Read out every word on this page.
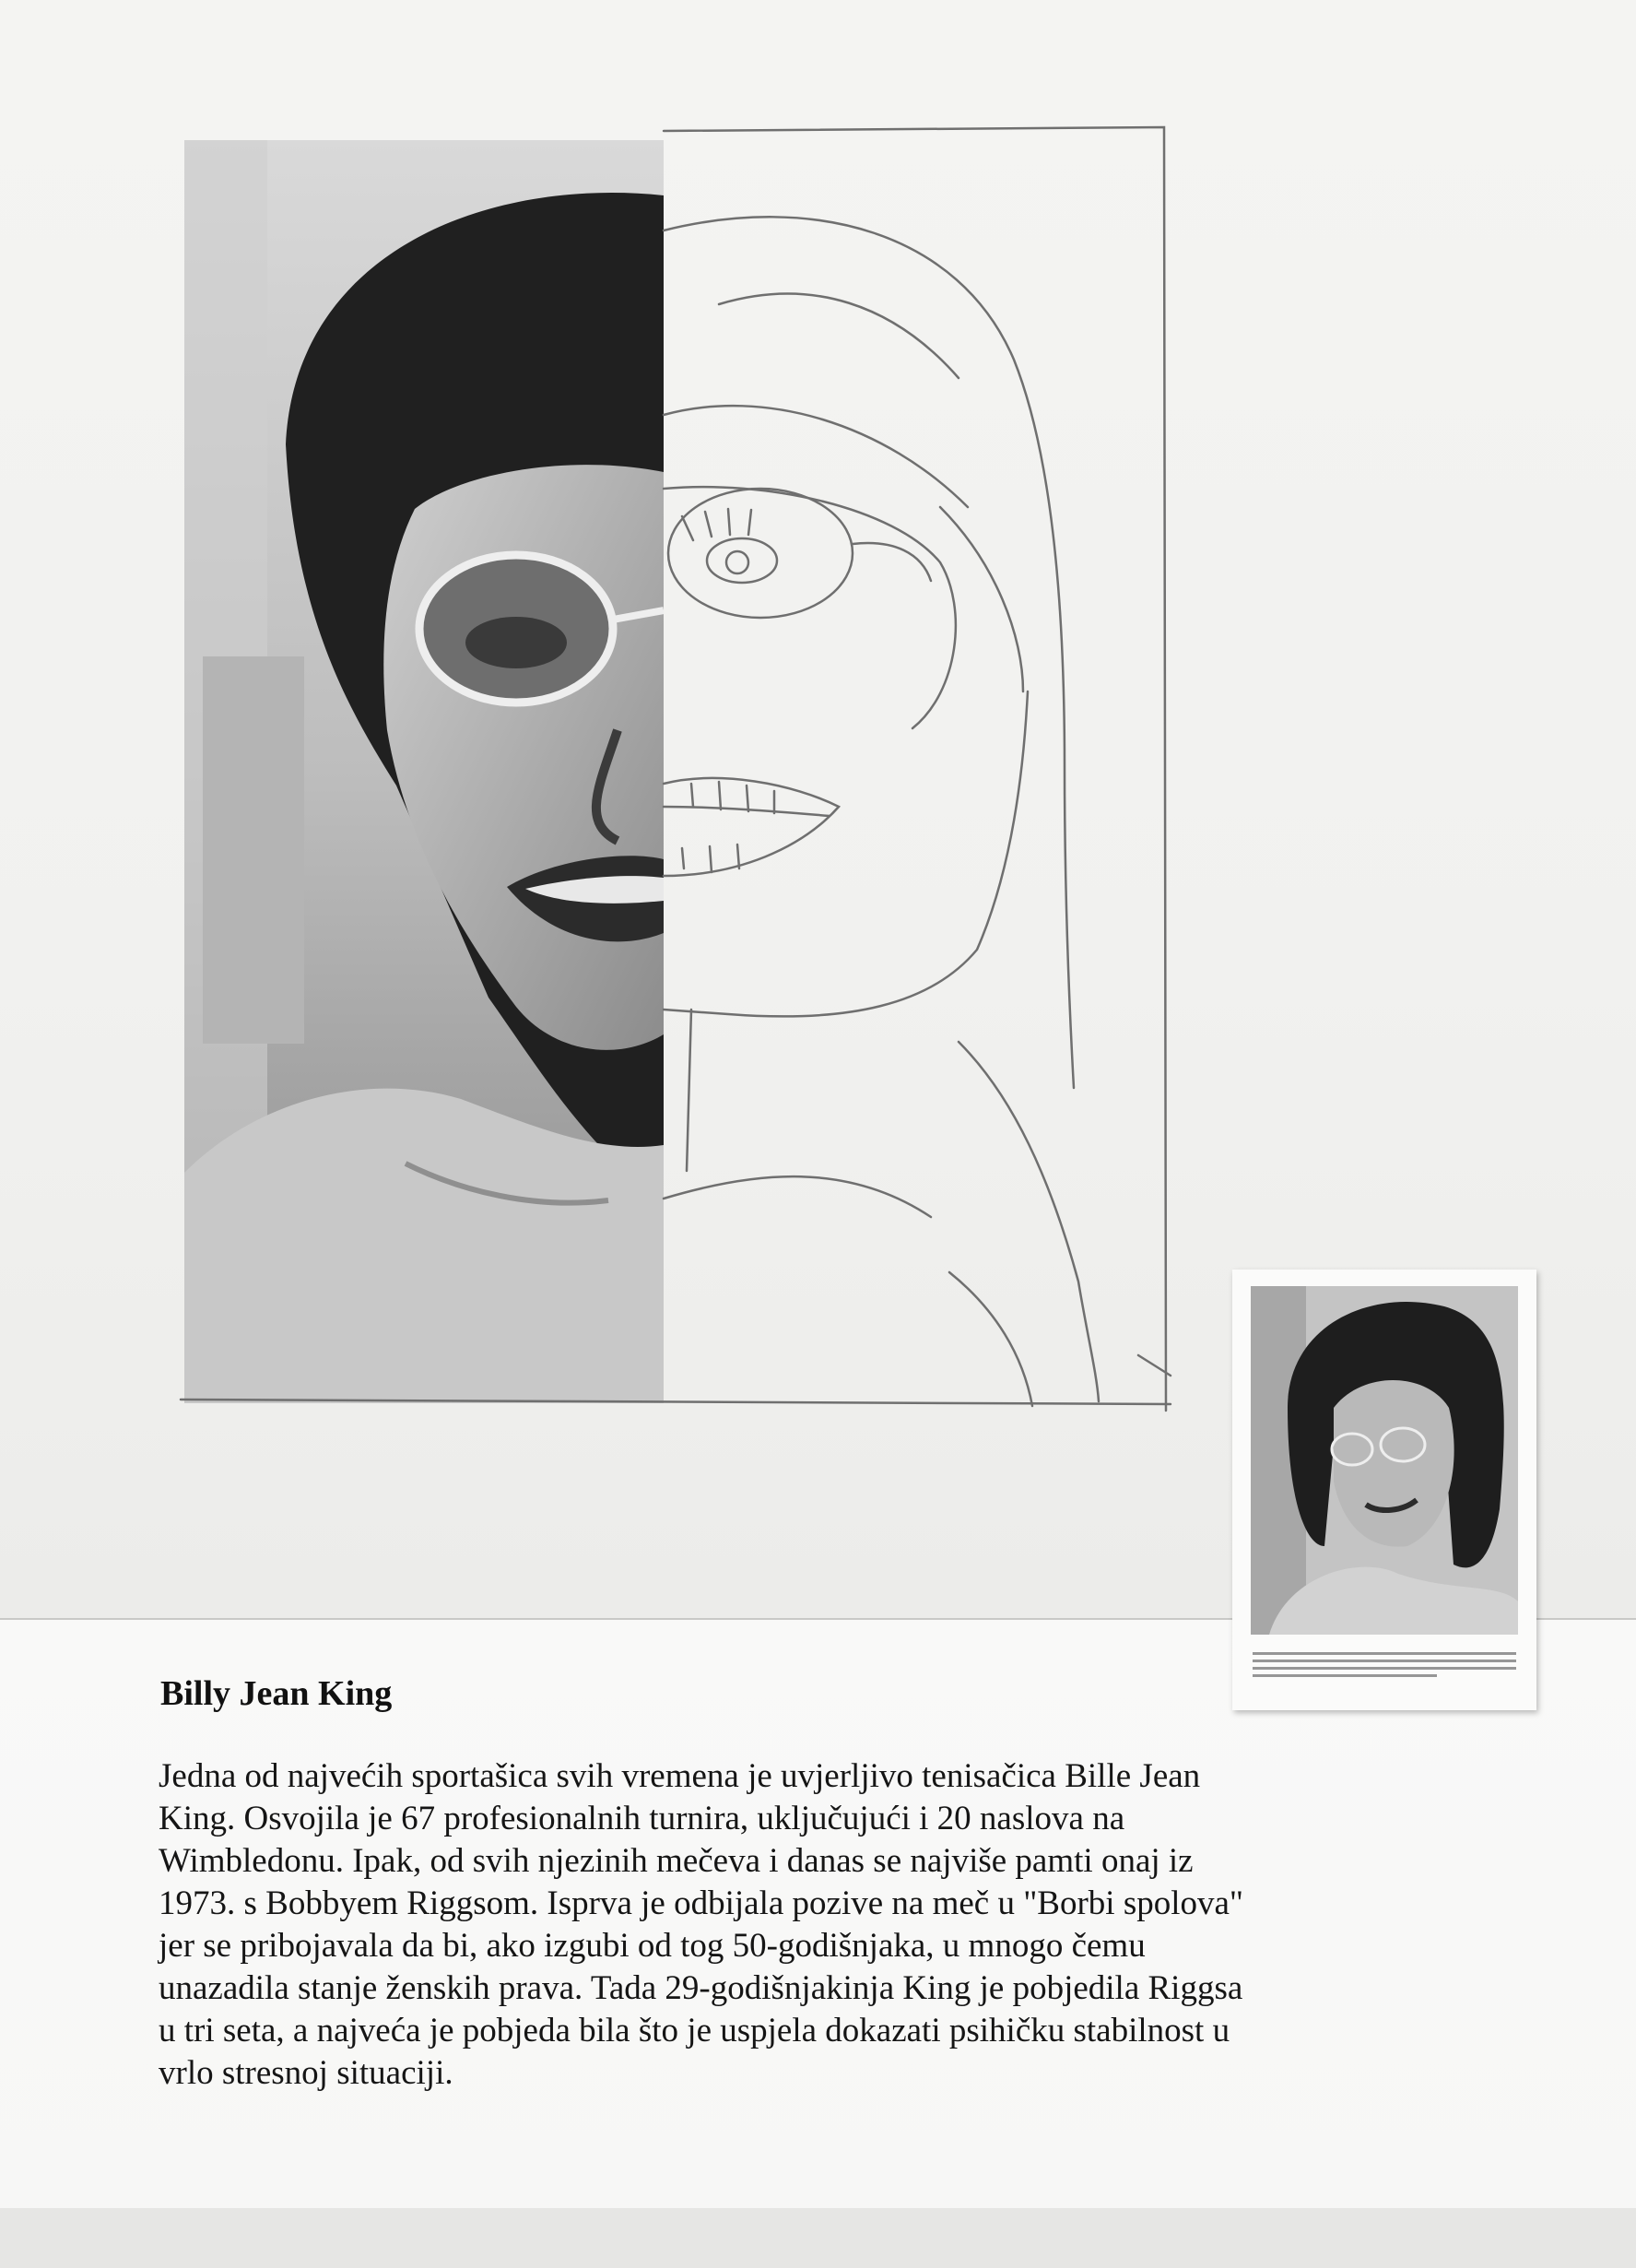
Billy Jean King
Jedna od najvećih sportašica svih vremena je uvjerljivo tenisačica Bille Jean
King. Osvojila je 67 profesionalnih turnira, uključujući i 20 naslova na
Wimbledonu. Ipak, od svih njezinih mečeva i danas se najviše pamti onaj iz
1973. s Bobbyem Riggsom. Isprva je odbijala pozive na meč u "Borbi spolova"
jer se pribojavala da bi, ako izgubi od tog 50-godišnjaka, u mnogo čemu
unazadila stanje ženskih prava. Tada 29-godišnjakinja King je pobjedila Riggsa
u tri seta, a najveća je pobjeda bila što je uspjela dokazati psihičku stabilnost u
vrlo stresnoj situaciji.
